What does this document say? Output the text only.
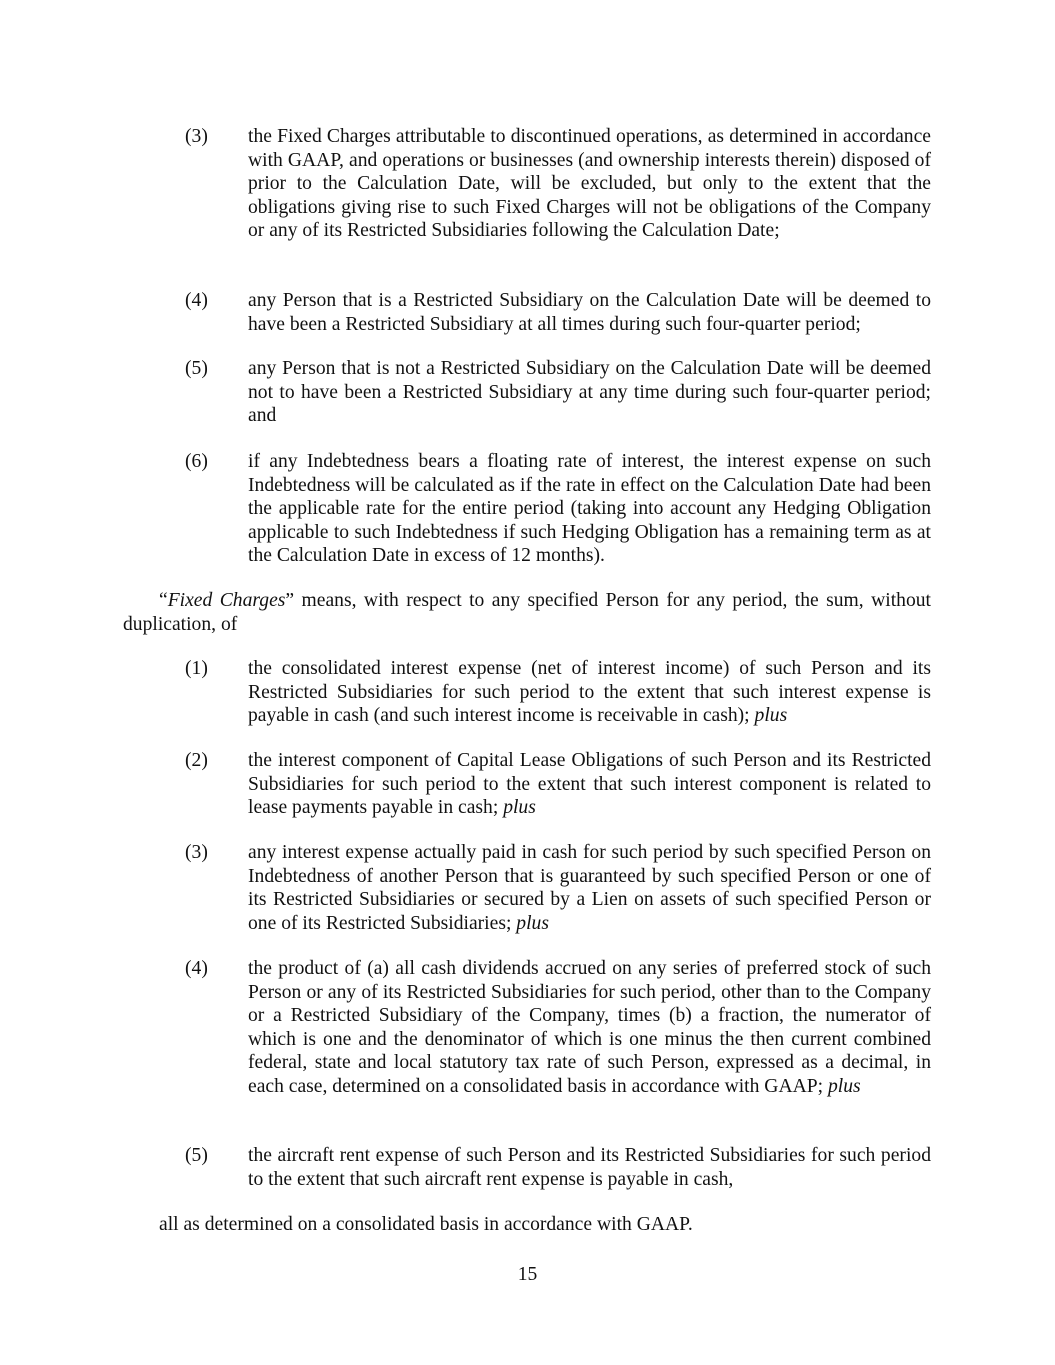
(3)	the Fixed Charges attributable to discontinued operations, as determined in accordance with GAAP, and operations or businesses (and ownership interests therein) disposed of prior to the Calculation Date, will be excluded, but only to the extent that the obligations giving rise to such Fixed Charges will not be obligations of the Company or any of its Restricted Subsidiaries following the Calculation Date;
(4)	any Person that is a Restricted Subsidiary on the Calculation Date will be deemed to have been a Restricted Subsidiary at all times during such four-quarter period;
(5)	any Person that is not a Restricted Subsidiary on the Calculation Date will be deemed not to have been a Restricted Subsidiary at any time during such four-quarter period; and
(6)	if any Indebtedness bears a floating rate of interest, the interest expense on such Indebtedness will be calculated as if the rate in effect on the Calculation Date had been the applicable rate for the entire period (taking into account any Hedging Obligation applicable to such Indebtedness if such Hedging Obligation has a remaining term as at the Calculation Date in excess of 12 months).
“Fixed Charges” means, with respect to any specified Person for any period, the sum, without duplication, of
(1)	the consolidated interest expense (net of interest income) of such Person and its Restricted Subsidiaries for such period to the extent that such interest expense is payable in cash (and such interest income is receivable in cash); plus
(2)	the interest component of Capital Lease Obligations of such Person and its Restricted Subsidiaries for such period to the extent that such interest component is related to lease payments payable in cash; plus
(3)	any interest expense actually paid in cash for such period by such specified Person on Indebtedness of another Person that is guaranteed by such specified Person or one of its Restricted Subsidiaries or secured by a Lien on assets of such specified Person or one of its Restricted Subsidiaries; plus
(4)	the product of (a) all cash dividends accrued on any series of preferred stock of such Person or any of its Restricted Subsidiaries for such period, other than to the Company or a Restricted Subsidiary of the Company, times (b) a fraction, the numerator of which is one and the denominator of which is one minus the then current combined federal, state and local statutory tax rate of such Person, expressed as a decimal, in each case, determined on a consolidated basis in accordance with GAAP; plus
(5)	the aircraft rent expense of such Person and its Restricted Subsidiaries for such period to the extent that such aircraft rent expense is payable in cash,
all as determined on a consolidated basis in accordance with GAAP.
15
